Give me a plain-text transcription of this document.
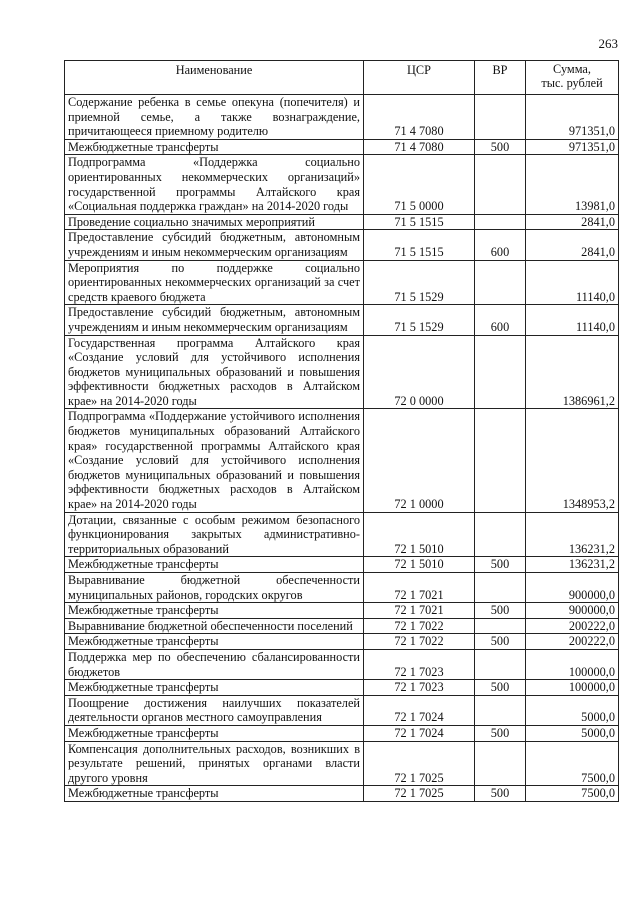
263
Наименование	ЦСР	ВР	Сумма,
тыс. рублей

Содержание ребенка в семье опекуна (попечителя) и приемной семье, а также вознаграждение, причитающееся приемному родителю	71 4 7080		971351,0
Межбюджетные трансферты	71 4 7080	500	971351,0
Подпрограмма «Поддержка социально ориентированных некоммерческих организаций» государственной программы Алтайского края «Социальная поддержка граждан» на 2014-2020 годы	71 5 0000		13981,0
Проведение социально значимых мероприятий	71 5 1515		2841,0
Предоставление субсидий бюджетным, автономным учреждениям и иным некоммерческим организациям	71 5 1515	600	2841,0
Мероприятия по поддержке социально ориентированных некоммерческих организаций за счет средств краевого бюджета	71 5 1529		11140,0
Предоставление субсидий бюджетным, автономным учреждениям и иным некоммерческим организациям	71 5 1529	600	11140,0
Государственная программа Алтайского края «Создание условий для устойчивого исполнения бюджетов муниципальных образований и повышения эффективности бюджетных расходов в Алтайском крае» на 2014-2020 годы	72 0 0000		1386961,2
Подпрограмма «Поддержание устойчивого исполнения бюджетов муниципальных образований Алтайского края» государственной программы Алтайского края «Создание условий для устойчивого исполнения бюджетов муниципальных образований и повышения эффективности бюджетных расходов в Алтайском крае» на 2014-2020 годы	72 1 0000		1348953,2
Дотации, связанные с особым режимом безопасного функционирования закрытых административно-территориальных образований	72 1 5010		136231,2
Межбюджетные трансферты	72 1 5010	500	136231,2
Выравнивание бюджетной обеспеченности муниципальных районов, городских округов	72 1 7021		900000,0
Межбюджетные трансферты	72 1 7021	500	900000,0
Выравнивание бюджетной обеспеченности поселений	72 1 7022		200222,0
Межбюджетные трансферты	72 1 7022	500	200222,0
Поддержка мер по обеспечению сбалансированности бюджетов	72 1 7023		100000,0
Межбюджетные трансферты	72 1 7023	500	100000,0
Поощрение достижения наилучших показателей деятельности органов местного самоуправления	72 1 7024		5000,0
Межбюджетные трансферты	72 1 7024	500	5000,0
Компенсация дополнительных расходов, возникших в результате решений, принятых органами власти другого уровня	72 1 7025		7500,0
Межбюджетные трансферты	72 1 7025	500	7500,0
